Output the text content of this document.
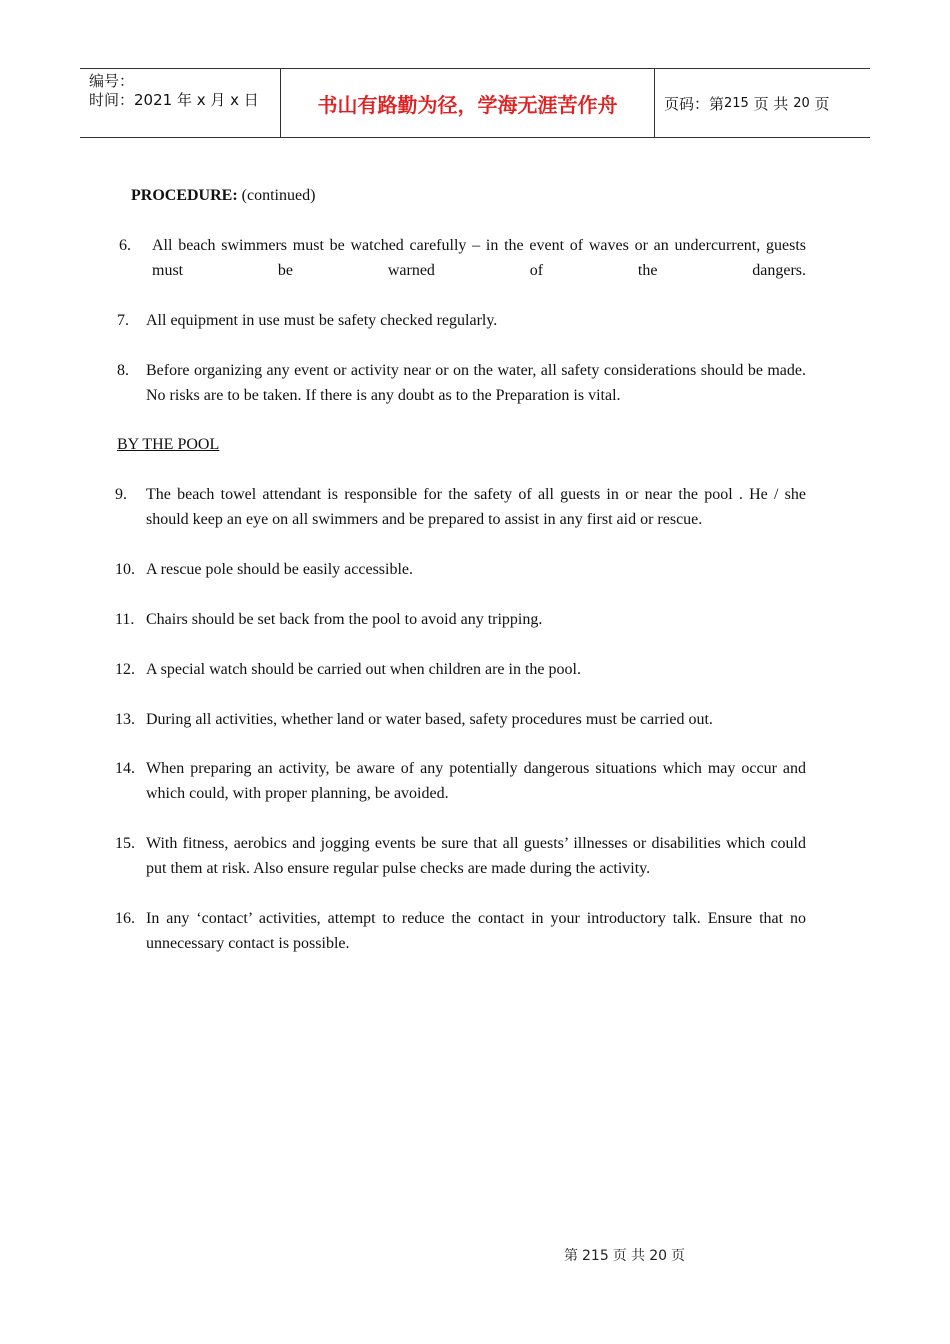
编号：
时间：2021 年 x 月 x 日	书山有路勤为径，学海无涯苦作舟	页码：第 215
页 共
20
页
PROCEDURE: (continued)
6. All beach swimmers must be watched carefully – in the event of waves or an undercurrent, guests must be warned of the dangers.
7. All equipment in use must be safety checked regularly.
8. Before organizing any event or activity near or on the water, all safety considerations should be made. No risks are to be taken. If there is any doubt as to the Preparation is vital.
BY THE POOL
9. The beach towel attendant is responsible for the safety of all guests in or near the pool . He / she should keep an eye on all swimmers and be prepared to assist in any first aid or rescue.
10. A rescue pole should be easily accessible.
11. Chairs should be set back from the pool to avoid any tripping.
12. A special watch should be carried out when children are in the pool.
13. During all activities, whether land or water based, safety procedures must be carried out.
14. When preparing an activity, be aware of any potentially dangerous situations which may occur and which could, with proper planning, be avoided.
15. With fitness, aerobics and jogging events be sure that all guests’ illnesses or disabilities which could put them at risk. Also ensure regular pulse checks are made during the activity.
16. In any ‘contact’ activities, attempt to reduce the contact in your introductory talk. Ensure that no unnecessary contact is possible.
第 215 页 共 20 页
